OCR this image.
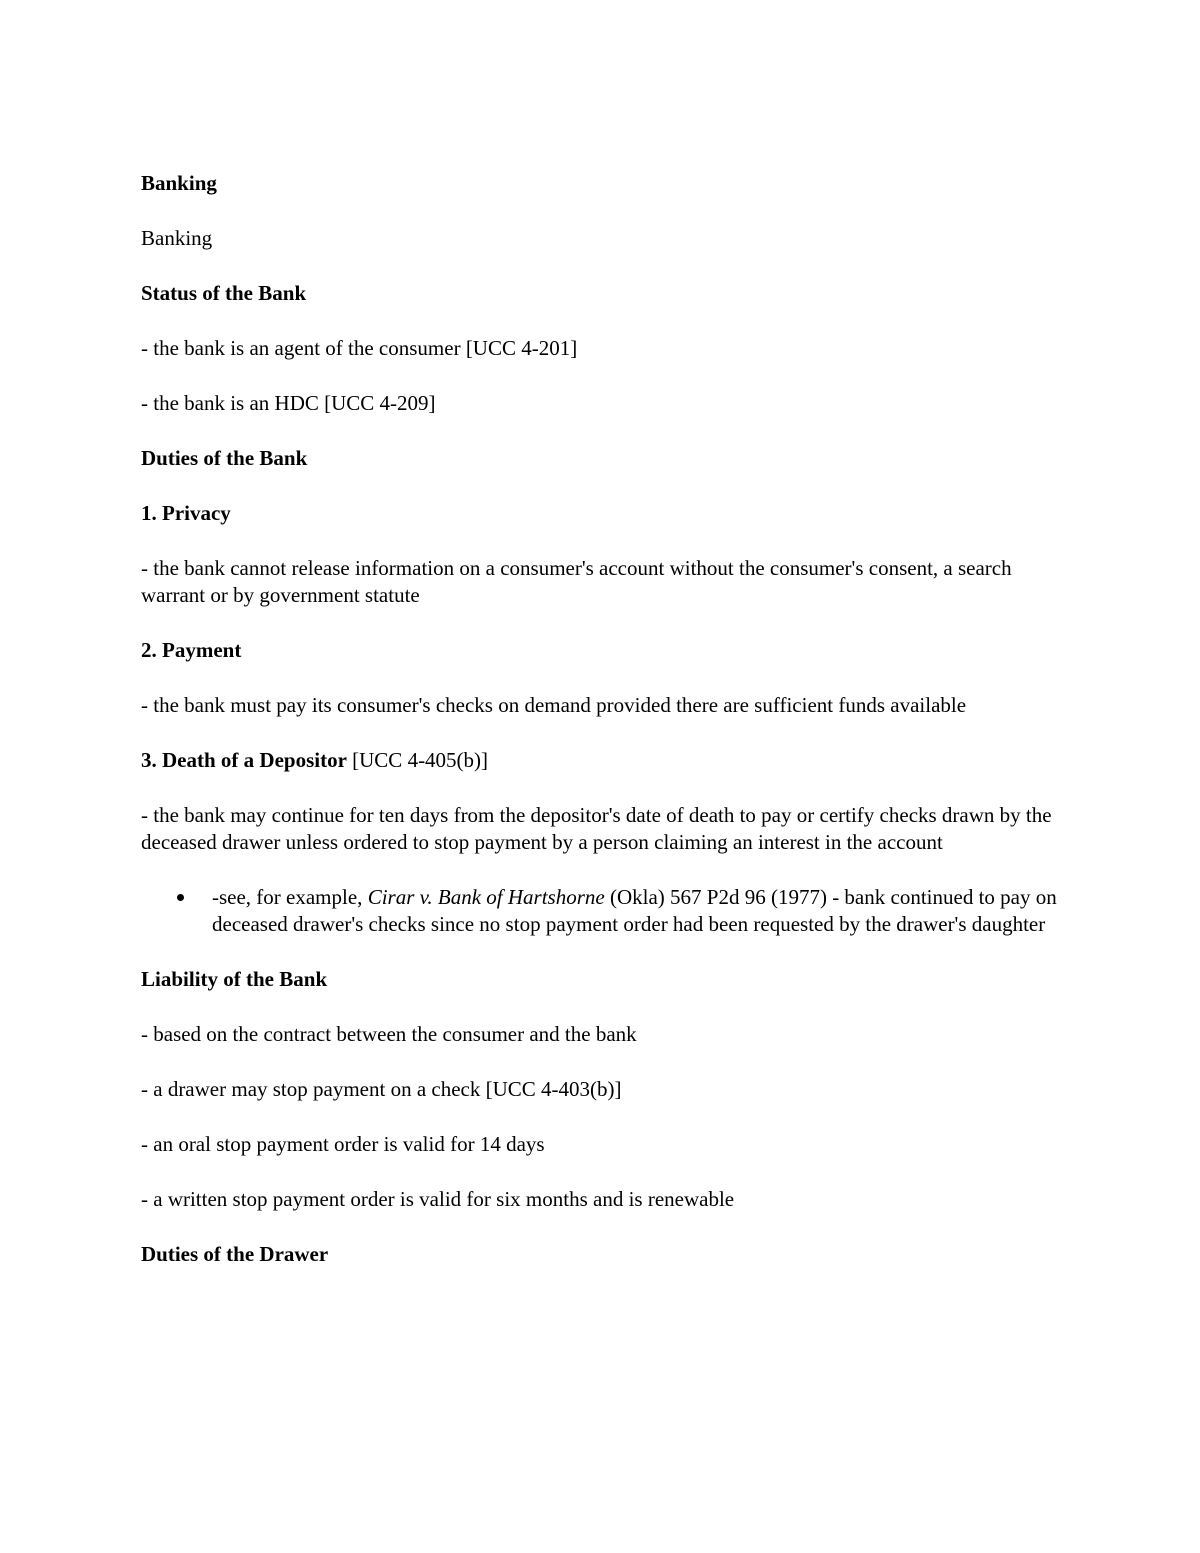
Banking
Banking
Status of the Bank
- the bank is an agent of the consumer [UCC 4-201]
- the bank is an HDC [UCC 4-209]
Duties of the Bank
1. Privacy
- the bank cannot release information on a consumer's account without the consumer's consent, a search warrant or by government statute
2. Payment
- the bank must pay its consumer's checks on demand provided there are sufficient funds available
3. Death of a Depositor [UCC 4-405(b)]
- the bank may continue for ten days from the depositor's date of death to pay or certify checks drawn by the deceased drawer unless ordered to stop payment by a person claiming an interest in the account
-see, for example, Cirar v. Bank of Hartshorne (Okla) 567 P2d 96 (1977) - bank continued to pay on deceased drawer's checks since no stop payment order had been requested by the drawer's daughter
Liability of the Bank
- based on the contract between the consumer and the bank
- a drawer may stop payment on a check [UCC 4-403(b)]
- an oral stop payment order is valid for 14 days
- a written stop payment order is valid for six months and is renewable
Duties of the Drawer
